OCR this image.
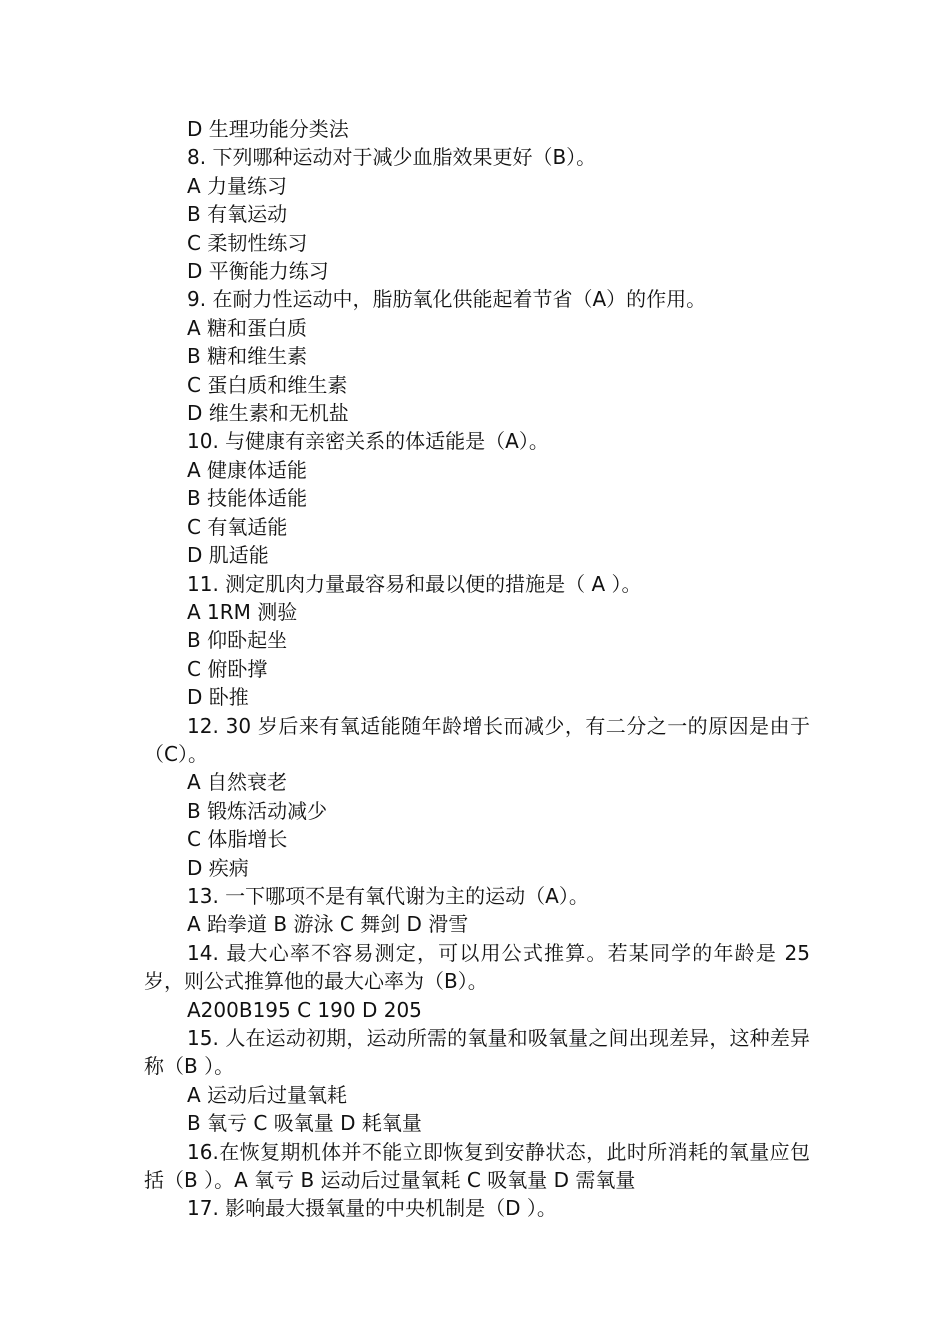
D 生理功能分类法

8. 下列哪种运动对于减少血脂效果更好（B）。

A 力量练习

B 有氧运动

C 柔韧性练习

D 平衡能力练习

9. 在耐力性运动中，脂肪氧化供能起着节省（A）的作用。

A 糖和蛋白质

B 糖和维生素

C 蛋白质和维生素

D 维生素和无机盐

10. 与健康有亲密关系的体适能是（A）。

A 健康体适能

B 技能体适能

C 有氧适能

D 肌适能

11. 测定肌肉力量最容易和最以便的措施是（ A ）。

A 1RM 测验

B 仰卧起坐

C 俯卧撑

D 卧推

12. 30 岁后来有氧适能随年龄增长而减少，有二分之一的原因是由于（C）。

A 自然衰老

B 锻炼活动减少

C 体脂增长

D 疾病

13. 一下哪项不是有氧代谢为主的运动（A）。

A 跆拳道 B 游泳 C 舞剑 D 滑雪

14. 最大心率不容易测定，可以用公式推算。若某同学的年龄是 25 岁，则公式推算他的最大心率为（B）。

A200B195 C 190 D 205

15. 人在运动初期，运动所需的氧量和吸氧量之间出现差异，这种差异称（B ）。

A 运动后过量氧耗

B 氧亏 C 吸氧量 D 耗氧量

16.在恢复期机体并不能立即恢复到安静状态，此时所消耗的氧量应包括（B ）。A 氧亏 B 运动后过量氧耗 C 吸氧量 D 需氧量

17. 影响最大摄氧量的中央机制是（D ）。
